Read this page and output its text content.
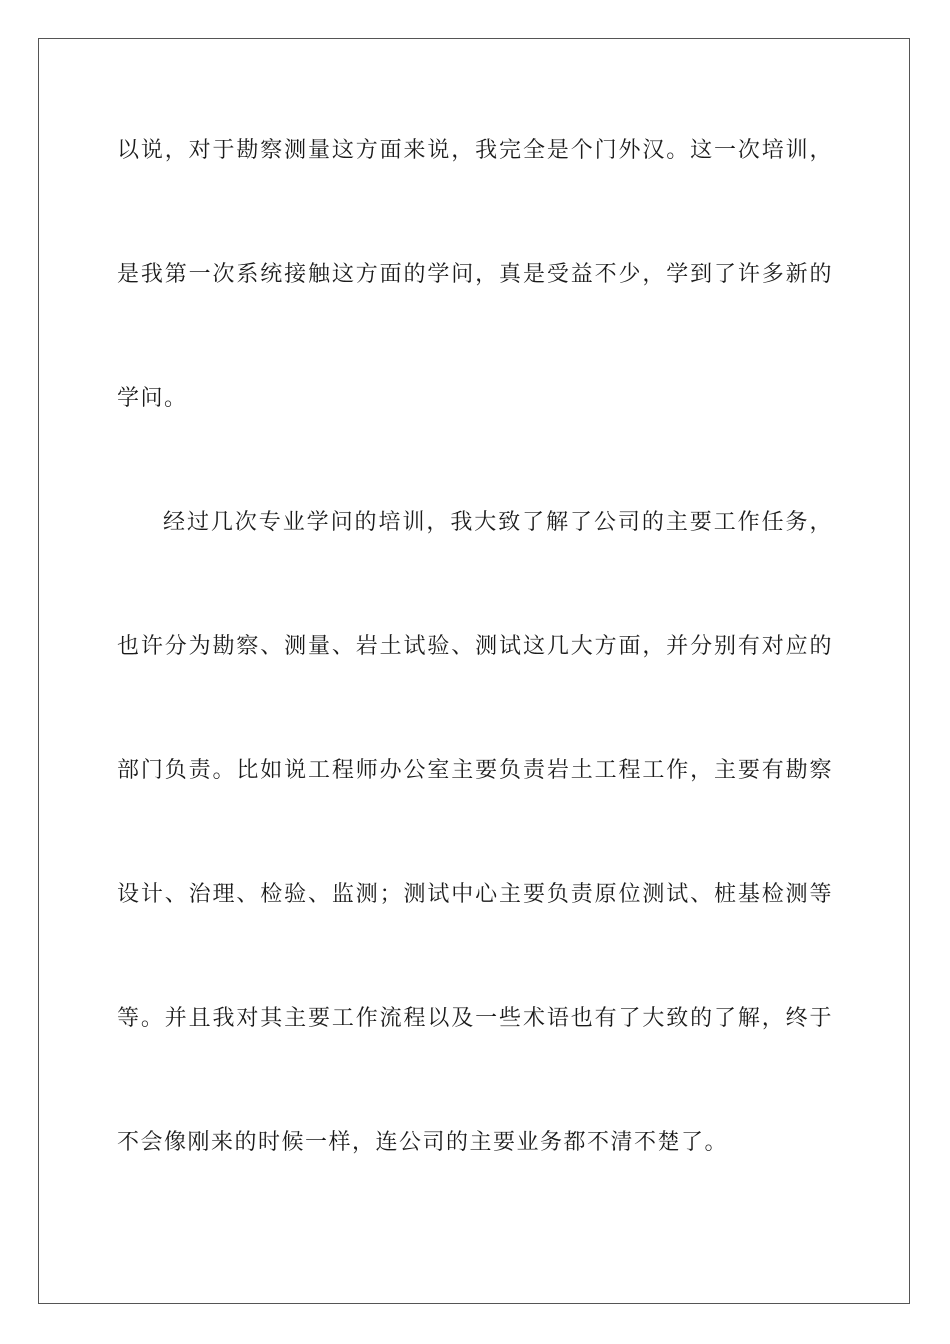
以说，对于勘察测量这方面来说，我完全是个门外汉。这一次培训，
是我第一次系统接触这方面的学问，真是受益不少，学到了许多新的
学问。
经过几次专业学问的培训，我大致了解了公司的主要工作任务，
也许分为勘察、测量、岩土试验、测试这几大方面，并分别有对应的
部门负责。比如说工程师办公室主要负责岩土工程工作，主要有勘察
设计、治理、检验、监测；测试中心主要负责原位测试、桩基检测等
等。并且我对其主要工作流程以及一些术语也有了大致的了解，终于
不会像刚来的时候一样，连公司的主要业务都不清不楚了。
